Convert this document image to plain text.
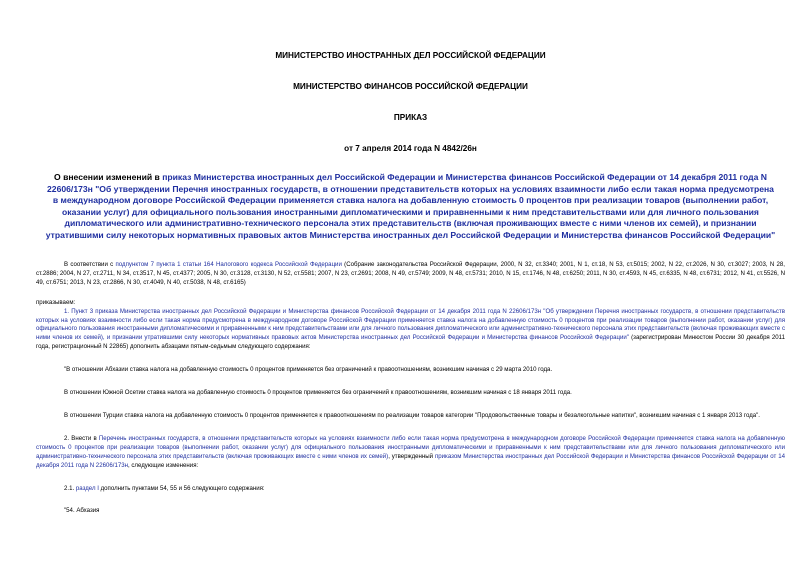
МИНИСТЕРСТВО ИНОСТРАННЫХ ДЕЛ РОССИЙСКОЙ ФЕДЕРАЦИИ
МИНИСТЕРСТВО ФИНАНСОВ РОССИЙСКОЙ ФЕДЕРАЦИИ
ПРИКАЗ
от 7 апреля 2014 года N 4842/26н
О внесении изменений в приказ Министерства иностранных дел Российской Федерации и Министерства финансов Российской Федерации от 14 декабря 2011 года N 22606/173н "Об утверждении Перечня иностранных государств, в отношении представительств которых на условиях взаимности либо если такая норма предусмотрена в международном договоре Российской Федерации применяется ставка налога на добавленную стоимость 0 процентов при реализации товаров (выполнении работ, оказании услуг) для официального пользования иностранными дипломатическими и приравненными к ним представительствами или для личного пользования дипломатического или административно-технического персонала этих представительств (включая проживающих вместе с ними членов их семей), и признании утратившими силу некоторых нормативных правовых актов Министерства иностранных дел Российской Федерации и Министерства финансов Российской Федерации"

В соответствии с подпунктом 7 пункта 1 статьи 164 Налогового кодекса Российской Федерации (Собрание законодательства Российской Федерации, 2000, N 32, ст.3340; 2001, N 1, ст.18, N 53, ст.5015; 2002, N 22, ст.2026, N 30, ст.3027; 2003, N 28, ст.2886; 2004, N 27, ст.2711, N 34, ст.3517, N 45, ст.4377; 2005, N 30, ст.3128, ст.3130, N 52, ст.5581; 2007, N 23, ст.2691; 2008, N 49, ст.5749; 2009, N 48, ст.5731; 2010, N 15, ст.1746, N 48, ст.6250; 2011, N 30, ст.4593, N 45, ст.6335, N 48, ст.6731; 2012, N 41, ст.5526, N 49, ст.6751; 2013, N 23, ст.2866, N 30, ст.4049, N 40, ст.5038, N 48, ст.6165)

приказываем:

1. Пункт 3 приказа Министерства иностранных дел Российской Федерации и Министерства финансов Российской Федерации от 14 декабря 2011 года N 22606/173н "Об утверждении Перечня иностранных государств, в отношении представительств которых на условиях взаимности либо если такая норма предусмотрена в международном договоре Российской Федерации применяется ставка налога на добавленную стоимость 0 процентов при реализации товаров (выполнении работ, оказании услуг) для официального пользования иностранными дипломатическими и приравненными к ним представительствами или для личного пользования дипломатического или административно-технического персонала этих представительств (включая проживающих вместе с ними членов их семей), и признании утратившими силу некоторых нормативных правовых актов Министерства иностранных дел Российской Федерации и Министерства финансов Российской Федерации" (зарегистрирован Минюстом России 30 декабря 2011 года, регистрационный N 22865) дополнить абзацами пятым-седьмым следующего содержания:

"В отношении Абхазии ставка налога на добавленную стоимость 0 процентов применяется без ограничений к правоотношениям, возникшим начиная с 29 марта 2010 года.

В отношении Южной Осетии ставка налога на добавленную стоимость 0 процентов применяется без ограничений к правоотношениям, возникшим начиная с 18 января 2011 года.

В отношении Турции ставка налога на добавленную стоимость 0 процентов применяется к правоотношениям по реализации товаров категории "Продовольственные товары и безалкогольные напитки", возникшим начиная с 1 января 2013 года".

2. Внести в Перечень иностранных государств, в отношении представительств которых на условиях взаимности либо если такая норма предусмотрена в международном договоре Российской Федерации применяется ставка налога на добавленную стоимость 0 процентов при реализации товаров (выполнении работ, оказании услуг) для официального пользования иностранными дипломатическими и приравненными к ним представительствами или для личного пользования дипломатического или административно-технического персонала этих представительств (включая проживающих вместе с ними членов их семей), утвержденный приказом Министерства иностранных дел Российской Федерации и Министерства финансов Российской Федерации от 14 декабря 2011 года N 22606/173н, следующие изменения:

2.1. раздел I дополнить пунктами 54, 55 и 56 следующего содержания:

"54. Абхазия
